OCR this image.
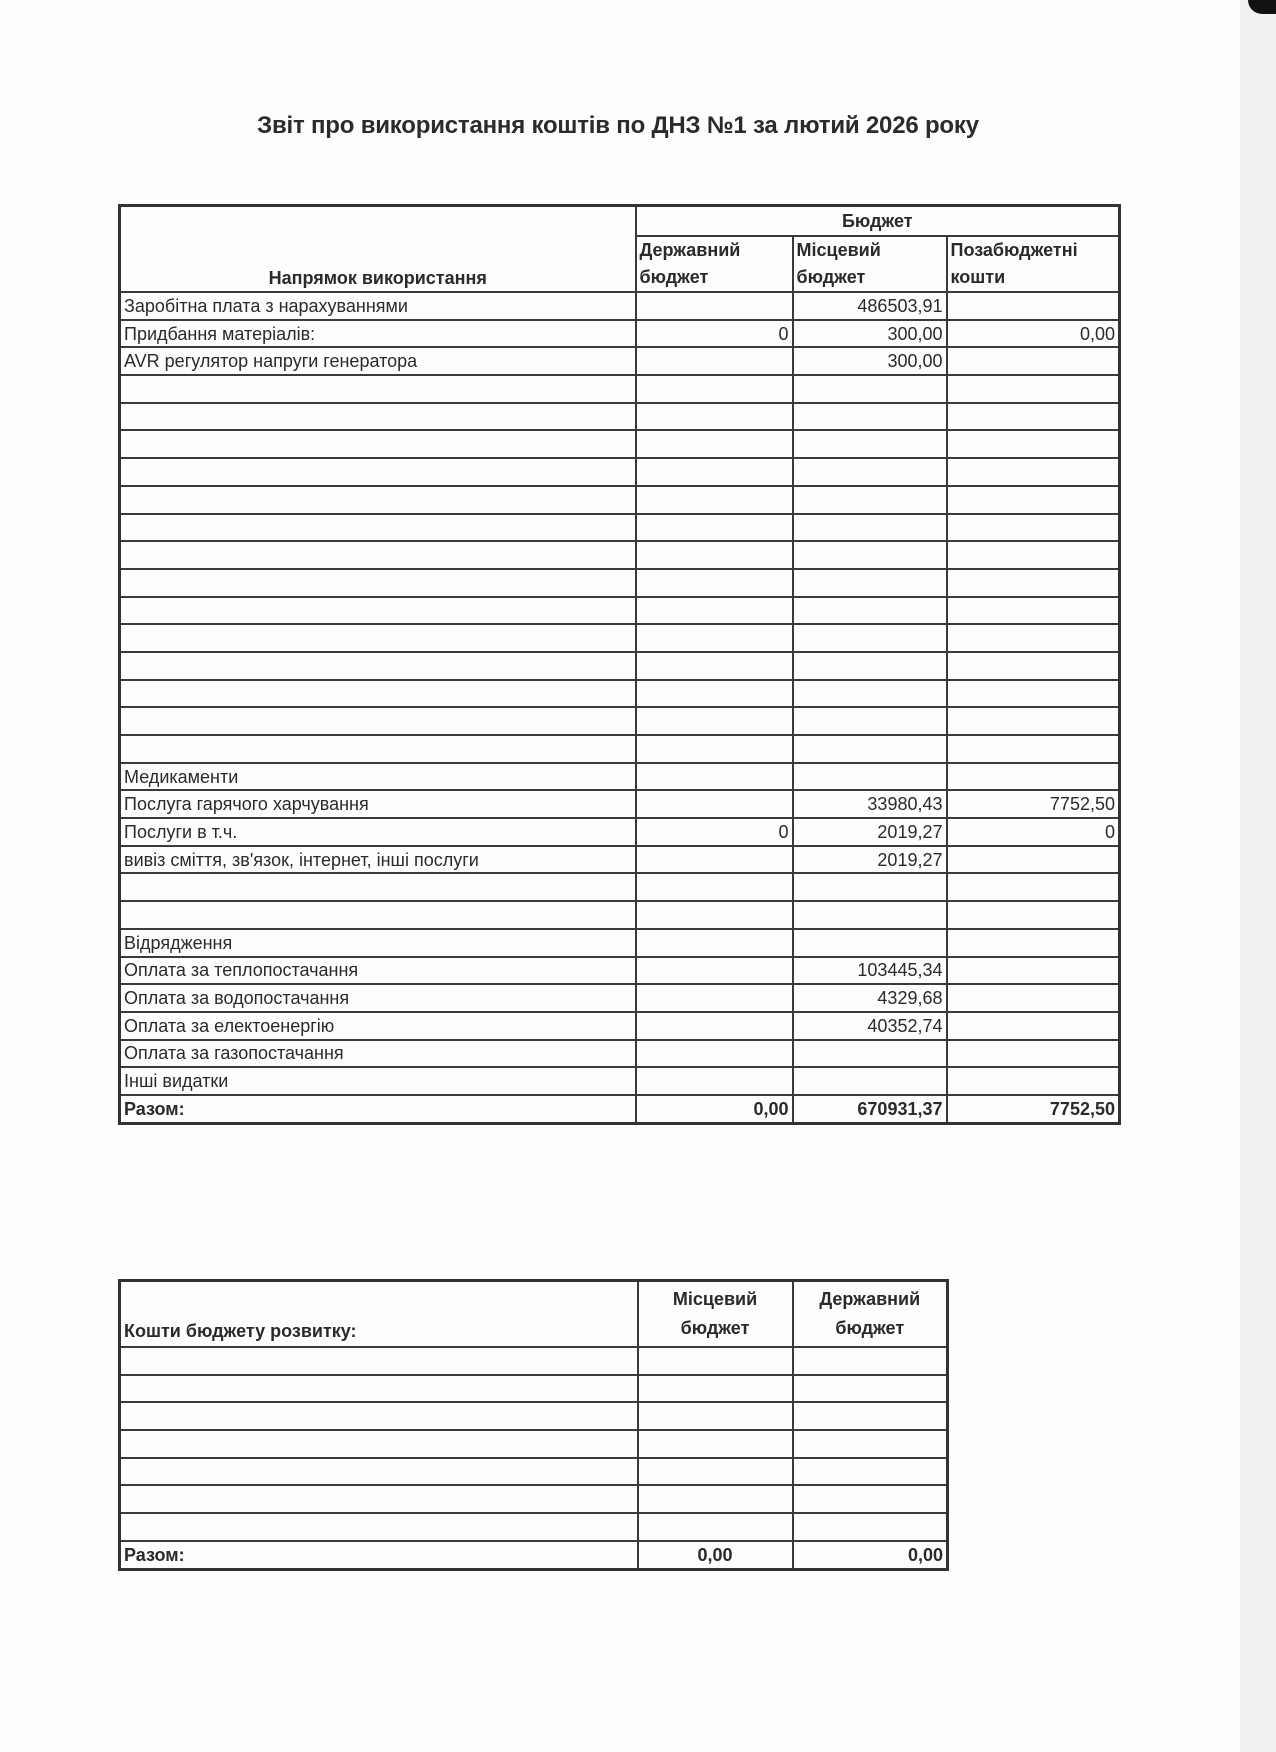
Звіт про використання коштів по ДНЗ №1 за лютий 2026 року
Напрямок використання	Бюджет		
	Державний бюджет	Місцевий бюджет	Позабюджетні кошти
Заробітна плата з нарахуваннями		486503,91	
Придбання матеріалів:	0	300,00	0,00
AVR регулятор напруги генератора		300,00	

Медикаменти			
Послуга гарячого харчування		33980,43	7752,50
Послуги в т.ч.	0	2019,27	0
вивіз сміття, зв'язок, інтернет, інші послуги		2019,27	

Відрядження			
Оплата за теплопостачання		103445,34	
Оплата за водопостачання		4329,68	
Оплата за електоенергію		40352,74	
Оплата за газопостачання			
Інші видатки			
Разом:	0,00	670931,37	7752,50
Кошти бюджету розвитку:	Місцевий бюджет	Державний бюджет

Разом:	0,00	0,00
